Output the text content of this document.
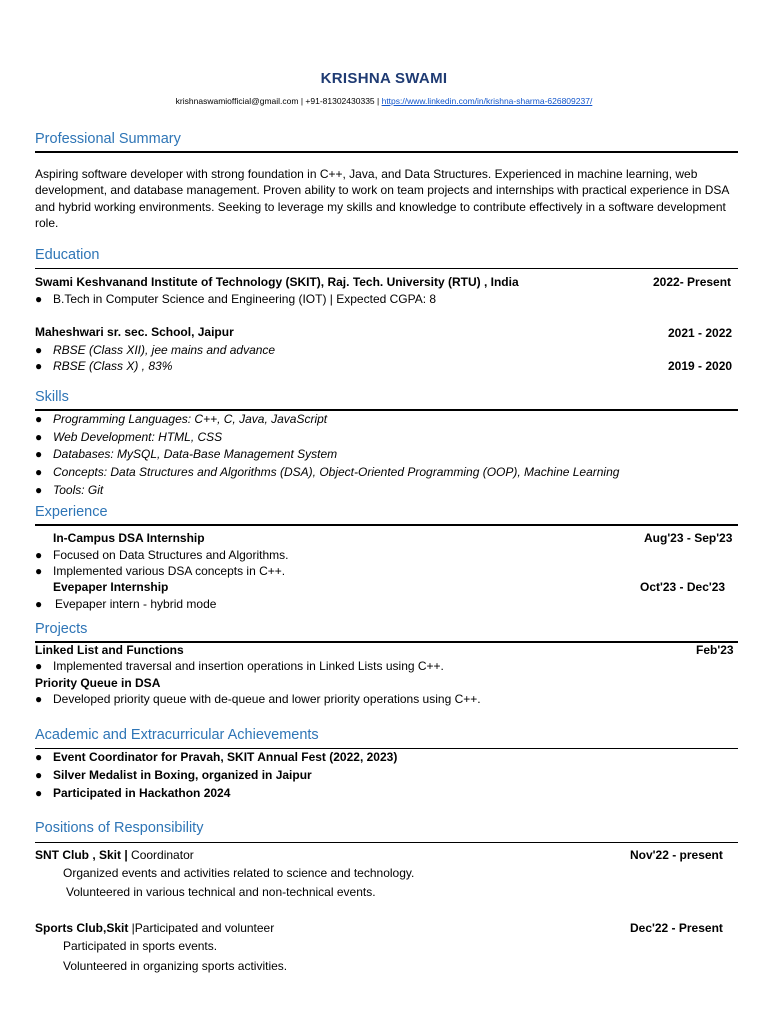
KRISHNA SWAMI
krishnaswamiofficial@gmail.com | +91-81302430335 | https://www.linkedin.com/in/krishna-sharma-626809237/
Professional Summary
Aspiring software developer with strong foundation in C++, Java, and Data Structures. Experienced in machine learning, web development, and database management. Proven ability to work on team projects and internships with practical experience in DSA and hybrid working environments. Seeking to leverage my skills and knowledge to contribute effectively in a software development role.
Education
Swami Keshvanand Institute of Technology (SKIT), Raj. Tech. University (RTU) , India	2022- Present
● B.Tech in Computer Science and Engineering (IOT) | Expected CGPA: 8
Maheshwari sr. sec. School, Jaipur	2021 - 2022
● RBSE (Class XII), jee mains and advance
● RBSE (Class X) , 83%	2019 - 2020
Skills
● Programming Languages: C++, C, Java, JavaScript
● Web Development: HTML, CSS
● Databases: MySQL, Data-Base Management System
● Concepts: Data Structures and Algorithms (DSA), Object-Oriented Programming (OOP), Machine Learning
● Tools: Git
Experience
In-Campus DSA Internship	Aug'23 - Sep'23
● Focused on Data Structures and Algorithms.
● Implemented various DSA concepts in C++.
Evepaper Internship	Oct'23 - Dec'23
● Evepaper intern - hybrid mode
Projects
Linked List and Functions	Feb'23
● Implemented traversal and insertion operations in Linked Lists using C++.
Priority Queue in DSA
● Developed priority queue with de-queue and lower priority operations using C++.
Academic and Extracurricular Achievements
● Event Coordinator for Pravah, SKIT Annual Fest (2022, 2023)
● Silver Medalist in Boxing, organized in Jaipur
● Participated in Hackathon 2024
Positions of Responsibility
SNT Club , Skit | Coordinator	Nov'22 - present
Organized events and activities related to science and technology.
Volunteered in various technical and non-technical events.
Sports Club,Skit |Participated and volunteer	Dec'22 - Present
Participated in sports events.
Volunteered in organizing sports activities.
